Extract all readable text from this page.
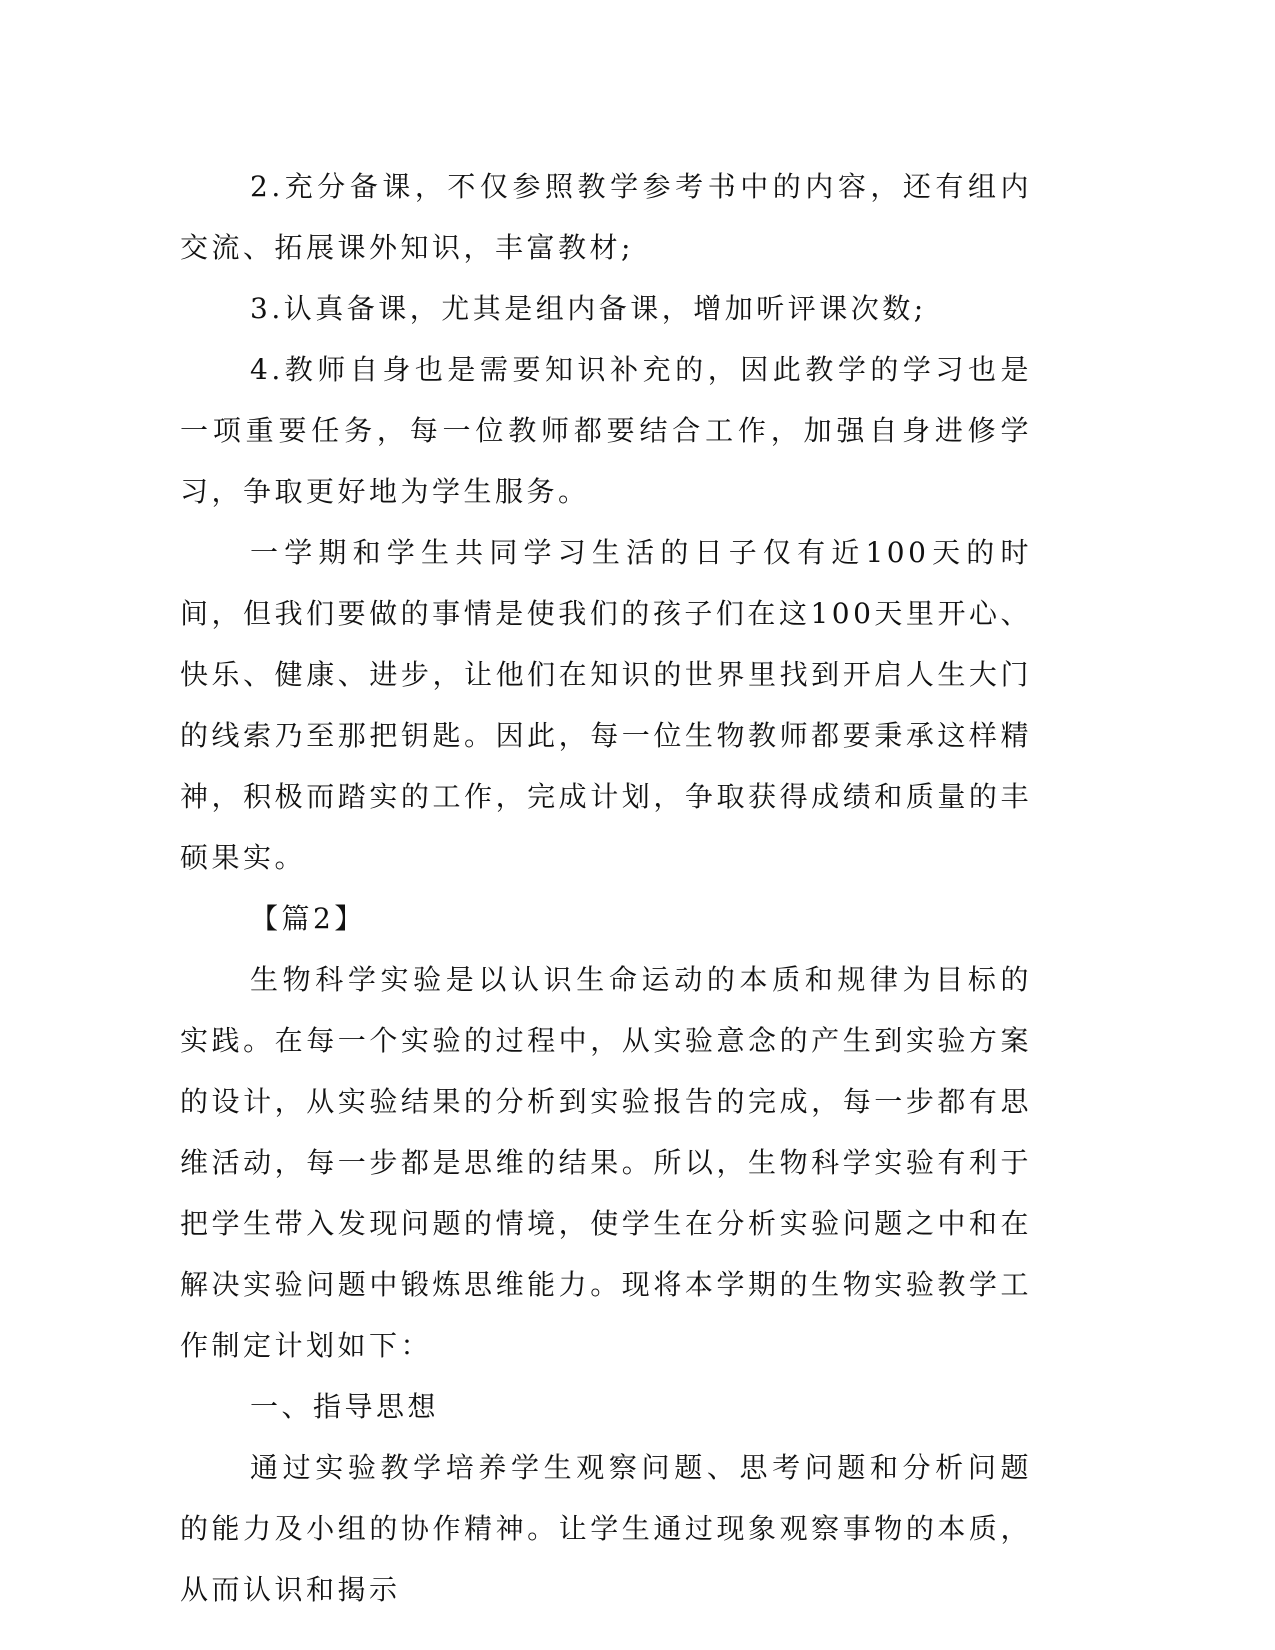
2.充分备课，不仅参照教学参考书中的内容，还有组内交流、拓展课外知识，丰富教材;

3.认真备课，尤其是组内备课，增加听评课次数;

4.教师自身也是需要知识补充的，因此教学的学习也是一项重要任务，每一位教师都要结合工作，加强自身进修学习，争取更好地为学生服务。

一学期和学生共同学习生活的日子仅有近100天的时间，但我们要做的事情是使我们的孩子们在这100天里开心、快乐、健康、进步，让他们在知识的世界里找到开启人生大门的线索乃至那把钥匙。因此，每一位生物教师都要秉承这样精神，积极而踏实的工作，完成计划，争取获得成绩和质量的丰硕果实。

【篇2】

生物科学实验是以认识生命运动的本质和规律为目标的实践。在每一个实验的过程中，从实验意念的产生到实验方案的设计，从实验结果的分析到实验报告的完成，每一步都有思维活动，每一步都是思维的结果。所以，生物科学实验有利于把学生带入发现问题的情境，使学生在分析实验问题之中和在解决实验问题中锻炼思维能力。现将本学期的生物实验教学工作制定计划如下：

一、指导思想

通过实验教学培养学生观察问题、思考问题和分析问题的能力及小组的协作精神。让学生通过现象观察事物的本质，从而认识和揭示
